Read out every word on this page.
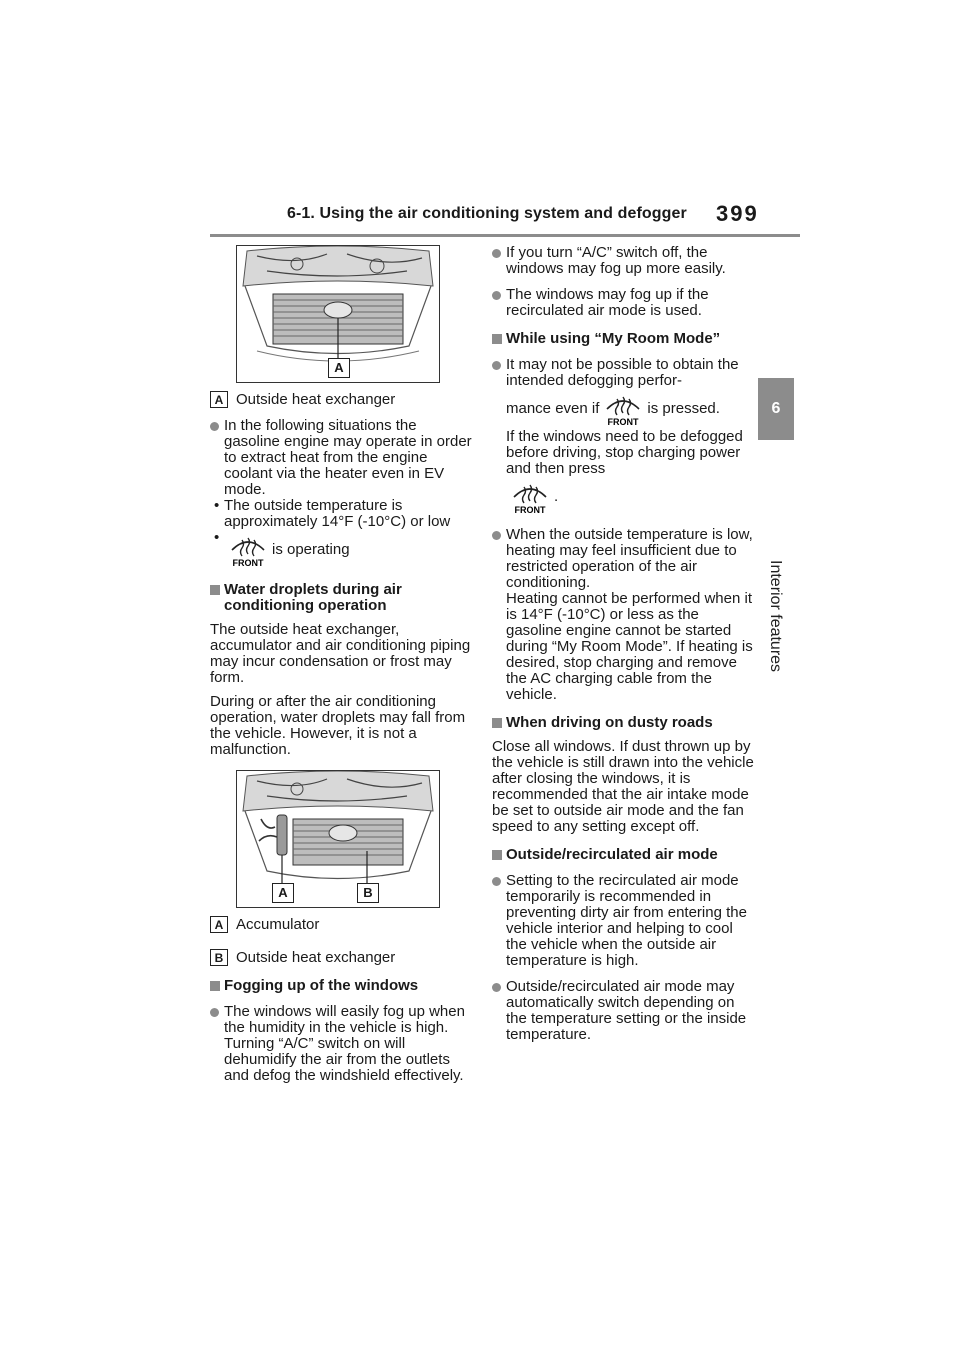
6-1. Using the air conditioning system and defogger 399
6
Interior features
A
A Outside heat exchanger
In the following situations the gasoline engine may operate in order to extract heat from the engine coolant via the heater even in EV mode.
• The outside temperature is approximately 14°F (-10°C) or low
• FRONT
is operating
Water droplets during air conditioning operation
The outside heat exchanger, accumulator and air conditioning piping may incur condensation or frost may form.
During or after the air conditioning operation, water droplets may fall from the vehicle. However, it is not a malfunction.
A	B
A Accumulator
B Outside heat exchanger
Fogging up of the windows
The windows will easily fog up when the humidity in the vehicle is high. Turning “A/C” switch on will dehumidify the air from the outlets and defog the windshield effectively.
If you turn “A/C” switch off, the windows may fog up more easily.
The windows may fog up if the recirculated air mode is used.
While using “My Room Mode”
It may not be possible to obtain the intended defogging perfor-
mance even if
FRONT
is pressed.
If the windows need to be defogged before driving, stop charging power and then press
FRONT
.
When the outside temperature is low, heating may feel insufficient due to restricted operation of the air conditioning.
Heating cannot be performed when it is 14°F (-10°C) or less as the gasoline engine cannot be started during “My Room Mode”. If heating is desired, stop charging and remove the AC charging cable from the vehicle.
When driving on dusty roads
Close all windows. If dust thrown up by the vehicle is still drawn into the vehicle after closing the windows, it is recommended that the air intake mode be set to outside air mode and the fan speed to any setting except off.
Outside/recirculated air mode
Setting to the recirculated air mode temporarily is recommended in preventing dirty air from entering the vehicle interior and helping to cool the vehicle when the outside air temperature is high.
Outside/recirculated air mode may automatically switch depending on the temperature setting or the inside temperature.
